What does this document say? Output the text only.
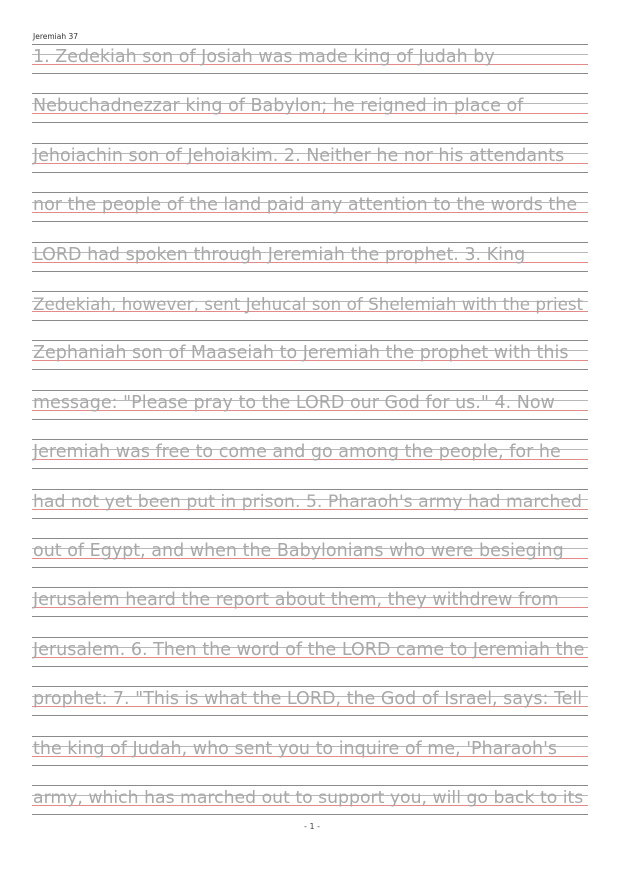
Jeremiah 37
1. Zedekiah son of Josiah was made king of Judah by
Nebuchadnezzar king of Babylon; he reigned in place of
Jehoiachin son of Jehoiakim. 2. Neither he nor his attendants
nor the people of the land paid any attention to the words the
LORD had spoken through Jeremiah the prophet. 3. King
Zedekiah, however, sent Jehucal son of Shelemiah with the priest
Zephaniah son of Maaseiah to Jeremiah the prophet with this
message: "Please pray to the LORD our God for us." 4. Now
Jeremiah was free to come and go among the people, for he
had not yet been put in prison. 5. Pharaoh's army had marched
out of Egypt, and when the Babylonians who were besieging
Jerusalem heard the report about them, they withdrew from
Jerusalem. 6. Then the word of the LORD came to Jeremiah the
prophet: 7. "This is what the LORD, the God of Israel, says: Tell
the king of Judah, who sent you to inquire of me, 'Pharaoh's
army, which has marched out to support you, will go back to its
- 1 -
